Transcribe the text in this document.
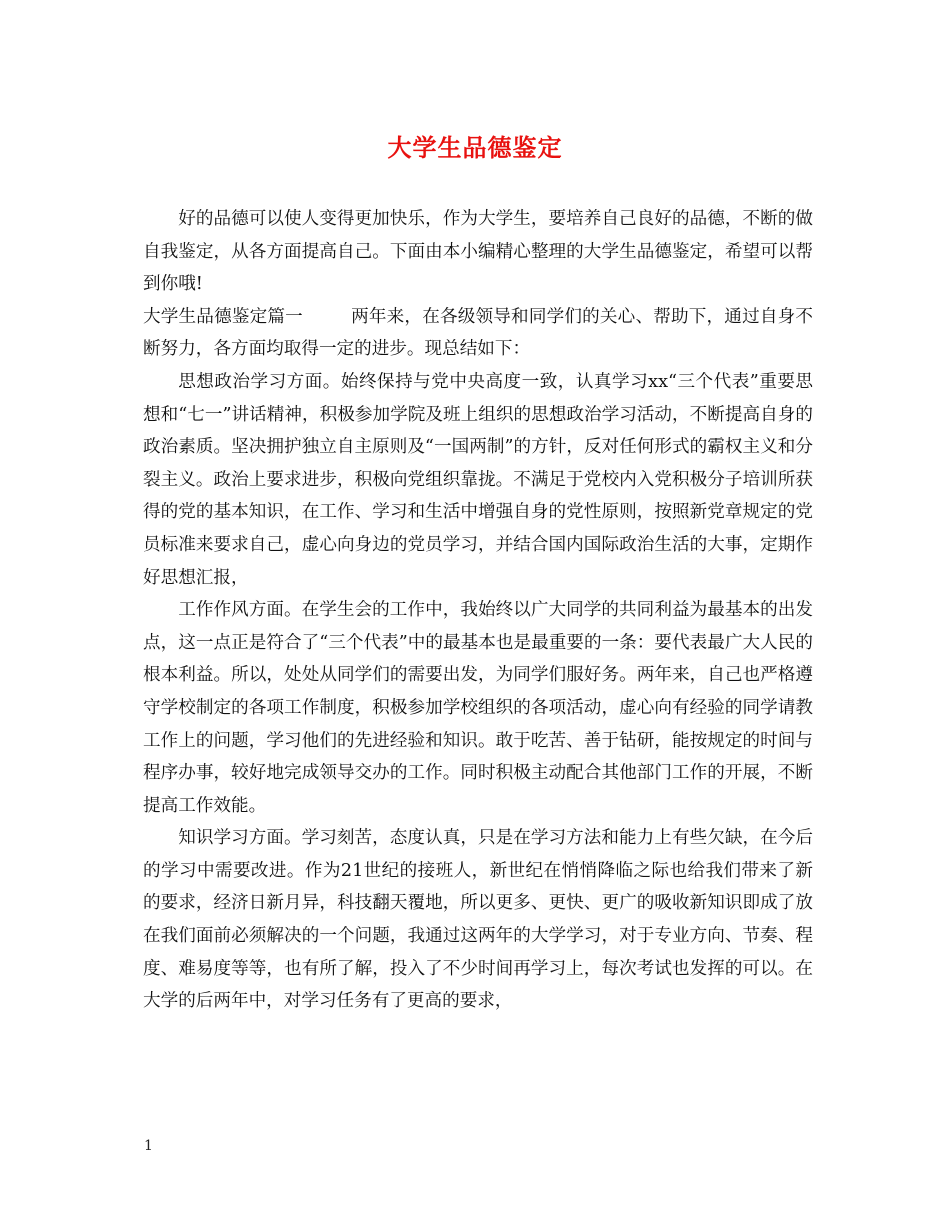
大学生品德鉴定

好的品德可以使人变得更加快乐，作为大学生，要培养自己良好的品德，不断的做自我鉴定，从各方面提高自己。下面由本小编精心整理的大学生品德鉴定，希望可以帮到你哦!

大学生品德鉴定篇一	两年来，在各级领导和同学们的关心、帮助下，通过自身不断努力，各方面均取得一定的进步。现总结如下：

思想政治学习方面。始终保持与党中央高度一致，认真学习xx“三个代表”重要思想和“七一”讲话精神，积极参加学院及班上组织的思想政治学习活动，不断提高自身的政治素质。坚决拥护独立自主原则及“一国两制”的方针，反对任何形式的霸权主义和分裂主义。政治上要求进步，积极向党组织靠拢。不满足于党校内入党积极分子培训所获得的党的基本知识，在工作、学习和生活中增强自身的党性原则，按照新党章规定的党员标准来要求自己，虚心向身边的党员学习，并结合国内国际政治生活的大事，定期作好思想汇报，

工作作风方面。在学生会的工作中，我始终以广大同学的共同利益为最基本的出发点，这一点正是符合了“三个代表”中的最基本也是最重要的一条：要代表最广大人民的根本利益。所以，处处从同学们的需要出发，为同学们服好务。两年来，自己也严格遵守学校制定的各项工作制度，积极参加学校组织的各项活动，虚心向有经验的同学请教工作上的问题，学习他们的先进经验和知识。敢于吃苦、善于钻研，能按规定的时间与程序办事，较好地完成领导交办的工作。同时积极主动配合其他部门工作的开展，不断提高工作效能。

知识学习方面。学习刻苦，态度认真，只是在学习方法和能力上有些欠缺，在今后的学习中需要改进。作为21世纪的接班人，新世纪在悄悄降临之际也给我们带来了新的要求，经济日新月异，科技翻天覆地，所以更多、更快、更广的吸收新知识即成了放在我们面前必须解决的一个问题，我通过这两年的大学学习，对于专业方向、节奏、程度、难易度等等，也有所了解，投入了不少时间再学习上，每次考试也发挥的可以。在大学的后两年中，对学习任务有了更高的要求，

1
